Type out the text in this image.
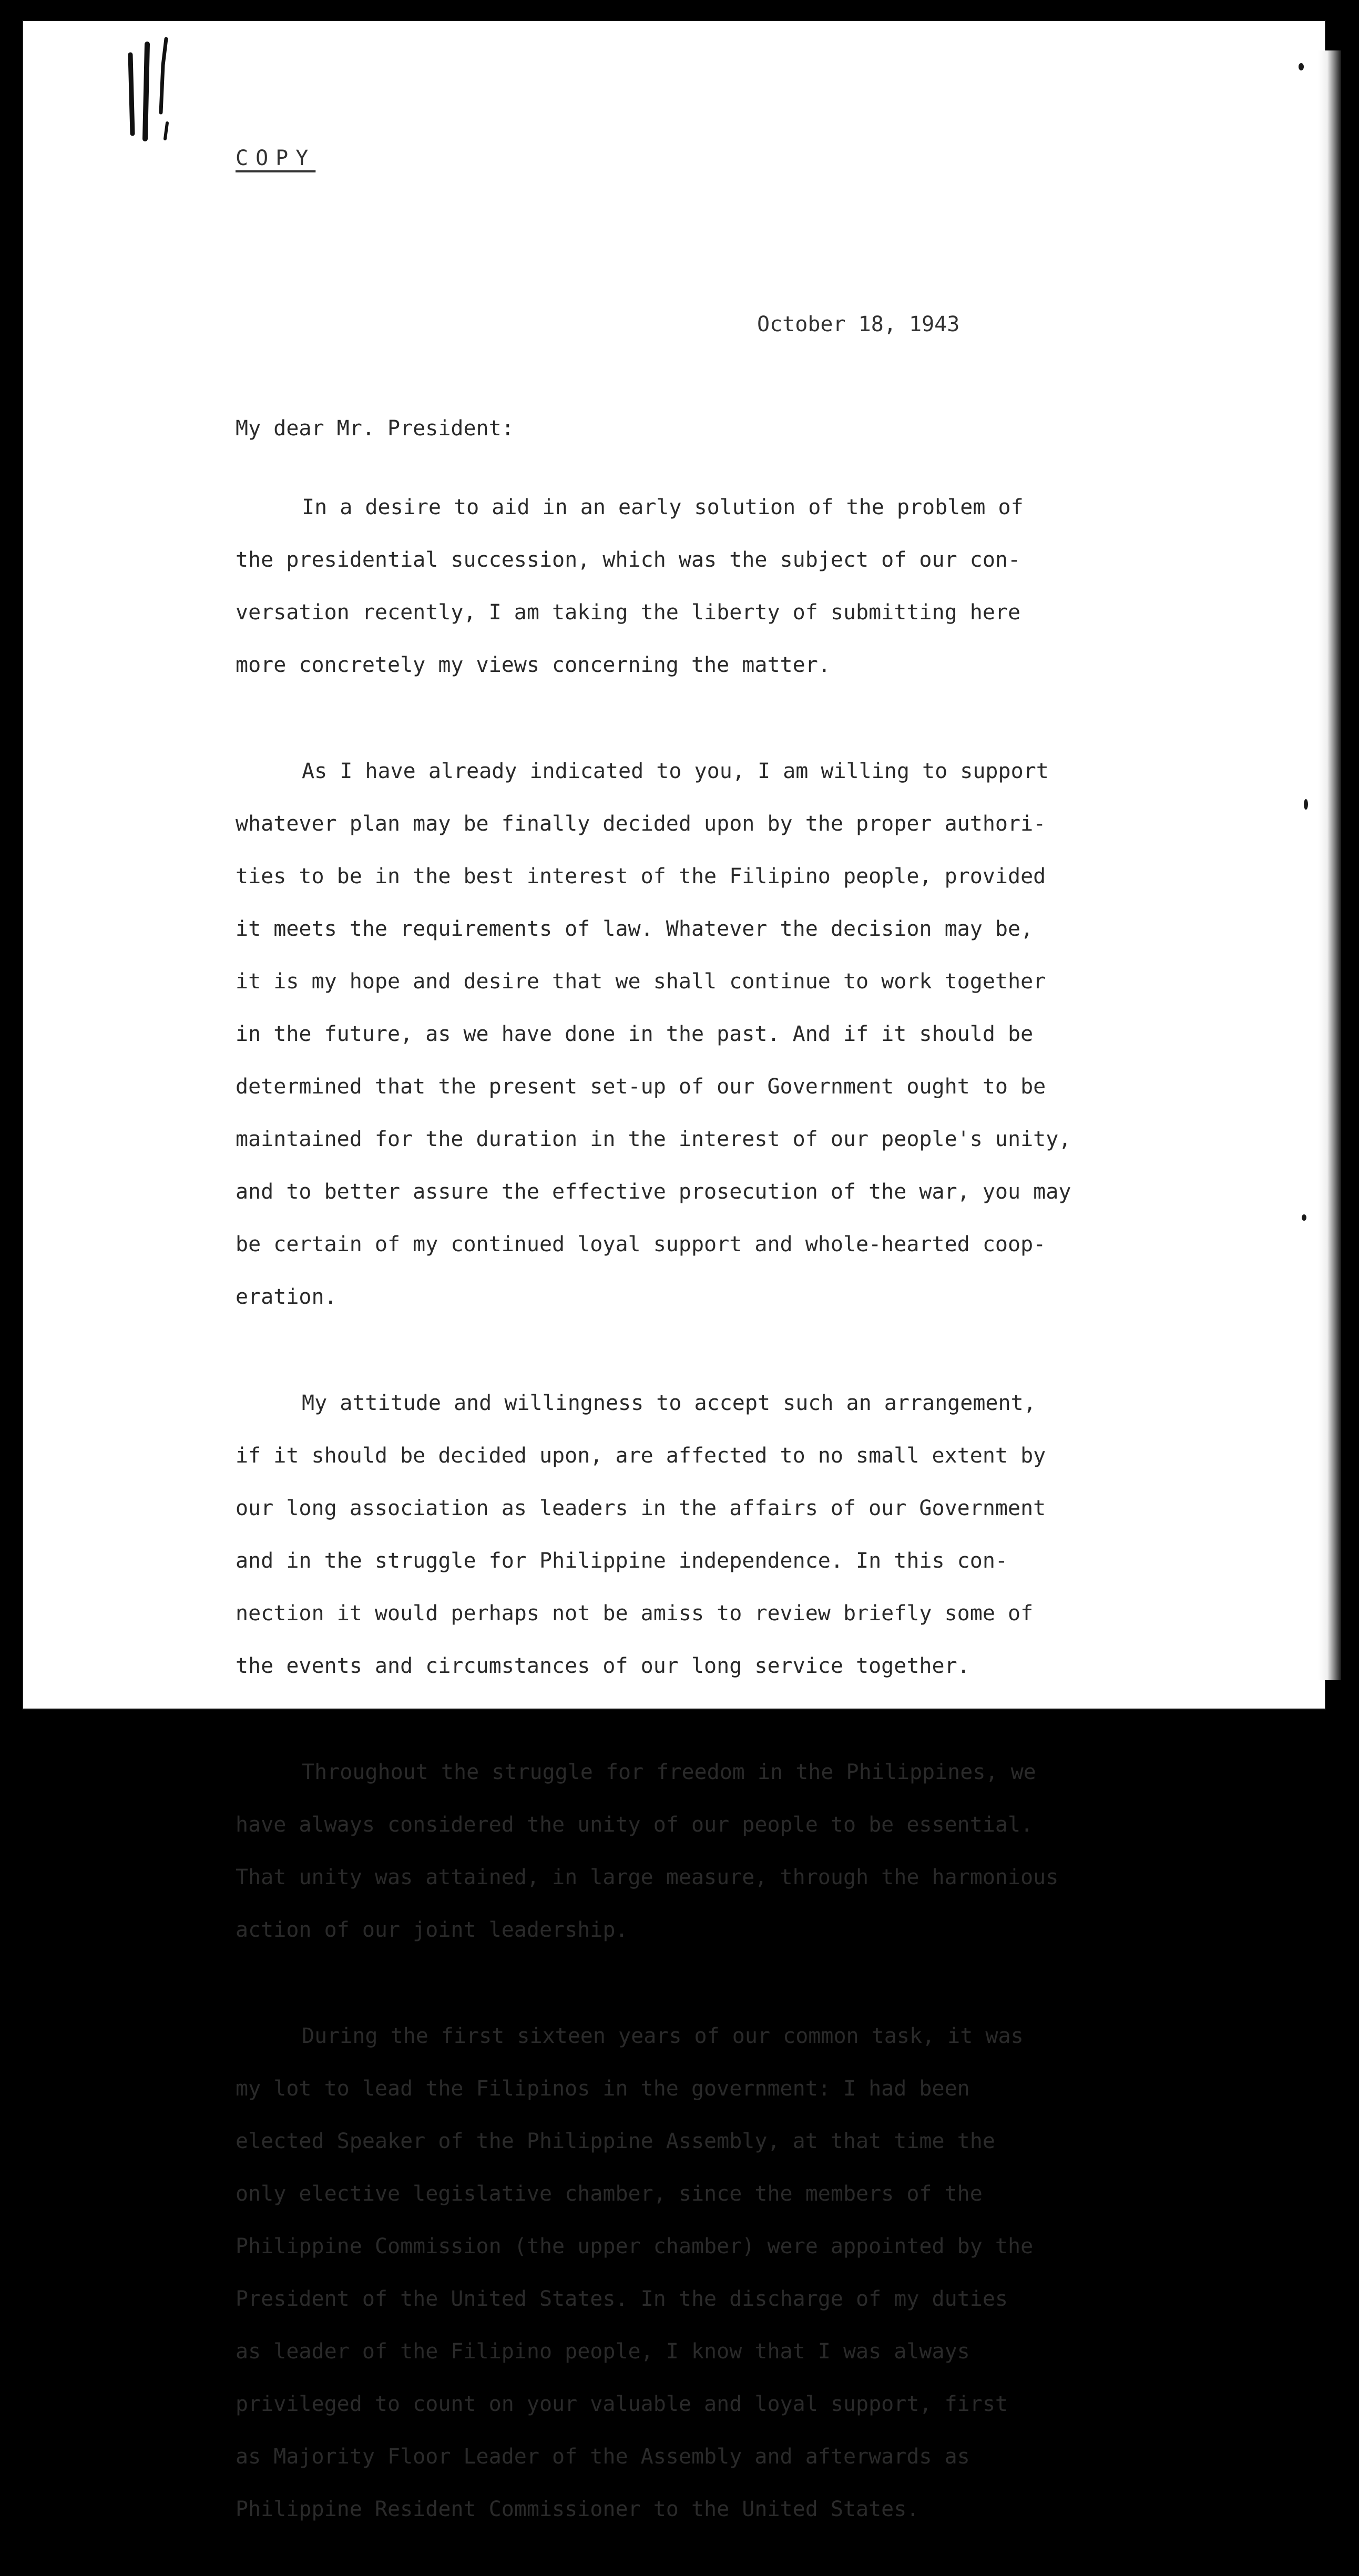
COPY
October 18, 1943
My dear Mr. President:

In a desire to aid in an early solution of the problem of

the presidential succession, which was the subject of our con-

versation recently, I am taking the liberty of submitting here

more concretely my views concerning the matter.

As I have already indicated to you, I am willing to support

whatever plan may be finally decided upon by the proper authori-

ties to be in the best interest of the Filipino people, provided

it meets the requirements of law. Whatever the decision may be,

it is my hope and desire that we shall continue to work together

in the future, as we have done in the past. And if it should be

determined that the present set-up of our Government ought to be

maintained for the duration in the interest of our people's unity,

and to better assure the effective prosecution of the war, you may

be certain of my continued loyal support and whole-hearted coop-

eration.

My attitude and willingness to accept such an arrangement,

if it should be decided upon, are affected to no small extent by

our long association as leaders in the affairs of our Government

and in the struggle for Philippine independence. In this con-

nection it would perhaps not be amiss to review briefly some of

the events and circumstances of our long service together.

Throughout the struggle for freedom in the Philippines, we

have always considered the unity of our people to be essential.

That unity was attained, in large measure, through the harmonious

action of our joint leadership.

During the first sixteen years of our common task, it was

my lot to lead the Filipinos in the government: I had been

elected Speaker of the Philippine Assembly, at that time the

only elective legislative chamber, since the members of the

Philippine Commission (the upper chamber) were appointed by the

President of the United States. In the discharge of my duties

as leader of the Filipino people, I know that I was always

privileged to count on your valuable and loyal support, first

as Majority Floor Leader of the Assembly and afterwards as

Philippine Resident Commissioner to the United States.
